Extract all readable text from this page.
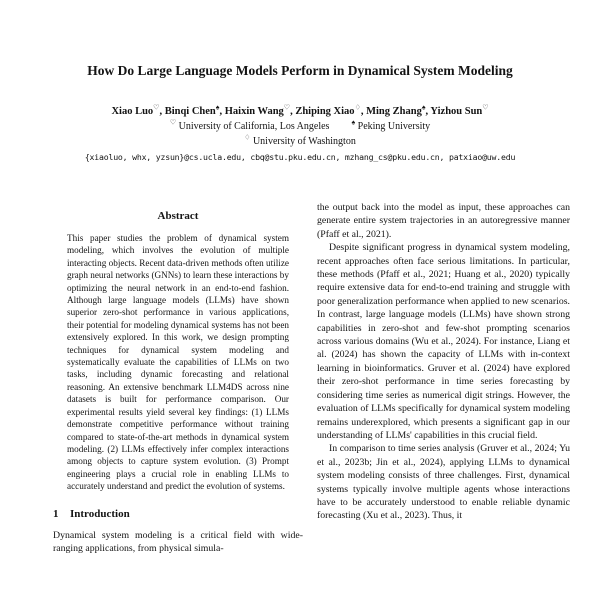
How Do Large Language Models Perform in Dynamical System Modeling
Xiao Luo♡ , Binqi Chen♠ , Haixin Wang♡ , Zhiping Xiao♢ , Ming Zhang♠ , Yizhou Sun♡
♡ University of California, Los Angeles	♠ Peking University
♢ University of Washington
{xiaoluo, whx, yzsun}@cs.ucla.edu, cbq@stu.pku.edu.cn, mzhang_cs@pku.edu.cn, patxiao@uw.edu
Abstract
This paper studies the problem of dynamical system modeling, which involves the evolution of multiple interacting objects. Recent data-driven methods often utilize graph neural networks (GNNs) to learn these interactions by optimizing the neural network in an end-to-end fashion. Although large language models (LLMs) have shown superior zero-shot performance in various applications, their potential for modeling dynamical systems has not been extensively explored. In this work, we design prompting techniques for dynamical system modeling and systematically evaluate the capabilities of LLMs on two tasks, including dynamic forecasting and relational reasoning. An extensive benchmark LLM4DS across nine datasets is built for performance comparison. Our experimental results yield several key findings: (1) LLMs demonstrate competitive performance without training compared to state-of-the-art methods in dynamical system modeling. (2) LLMs effectively infer complex interactions among objects to capture system evolution. (3) Prompt engineering plays a crucial role in enabling LLMs to accurately understand and predict the evolution of systems.
1 Introduction

Dynamical system modeling is a critical field with wide-ranging applications, from physical simula-

the output back into the model as input, these approaches can generate entire system trajectories in an autoregressive manner (Pfaff et al., 2021).

Despite significant progress in dynamical system modeling, recent approaches often face serious limitations. In particular, these methods (Pfaff et al., 2021; Huang et al., 2020) typically require extensive data for end-to-end training and struggle with poor generalization performance when applied to new scenarios. In contrast, large language models (LLMs) have shown strong capabilities in zero-shot and few-shot prompting scenarios across various domains (Wu et al., 2024). For instance, Liang et al. (2024) has shown the capacity of LLMs with in-context learning in bioinformatics. Gruver et al. (2024) have explored their zero-shot performance in time series forecasting by considering time series as numerical digit strings. However, the evaluation of LLMs specifically for dynamical system modeling remains underexplored, which presents a significant gap in our understanding of LLMs' capabilities in this crucial field.

In comparison to time series analysis (Gruver et al., 2024; Yu et al., 2023b; Jin et al., 2024), applying LLMs to dynamical system modeling consists of three challenges. First, dynamical systems typically involve multiple agents whose interactions have to be accurately understood to enable reliable dynamic forecasting (Xu et al., 2023). Thus, it
